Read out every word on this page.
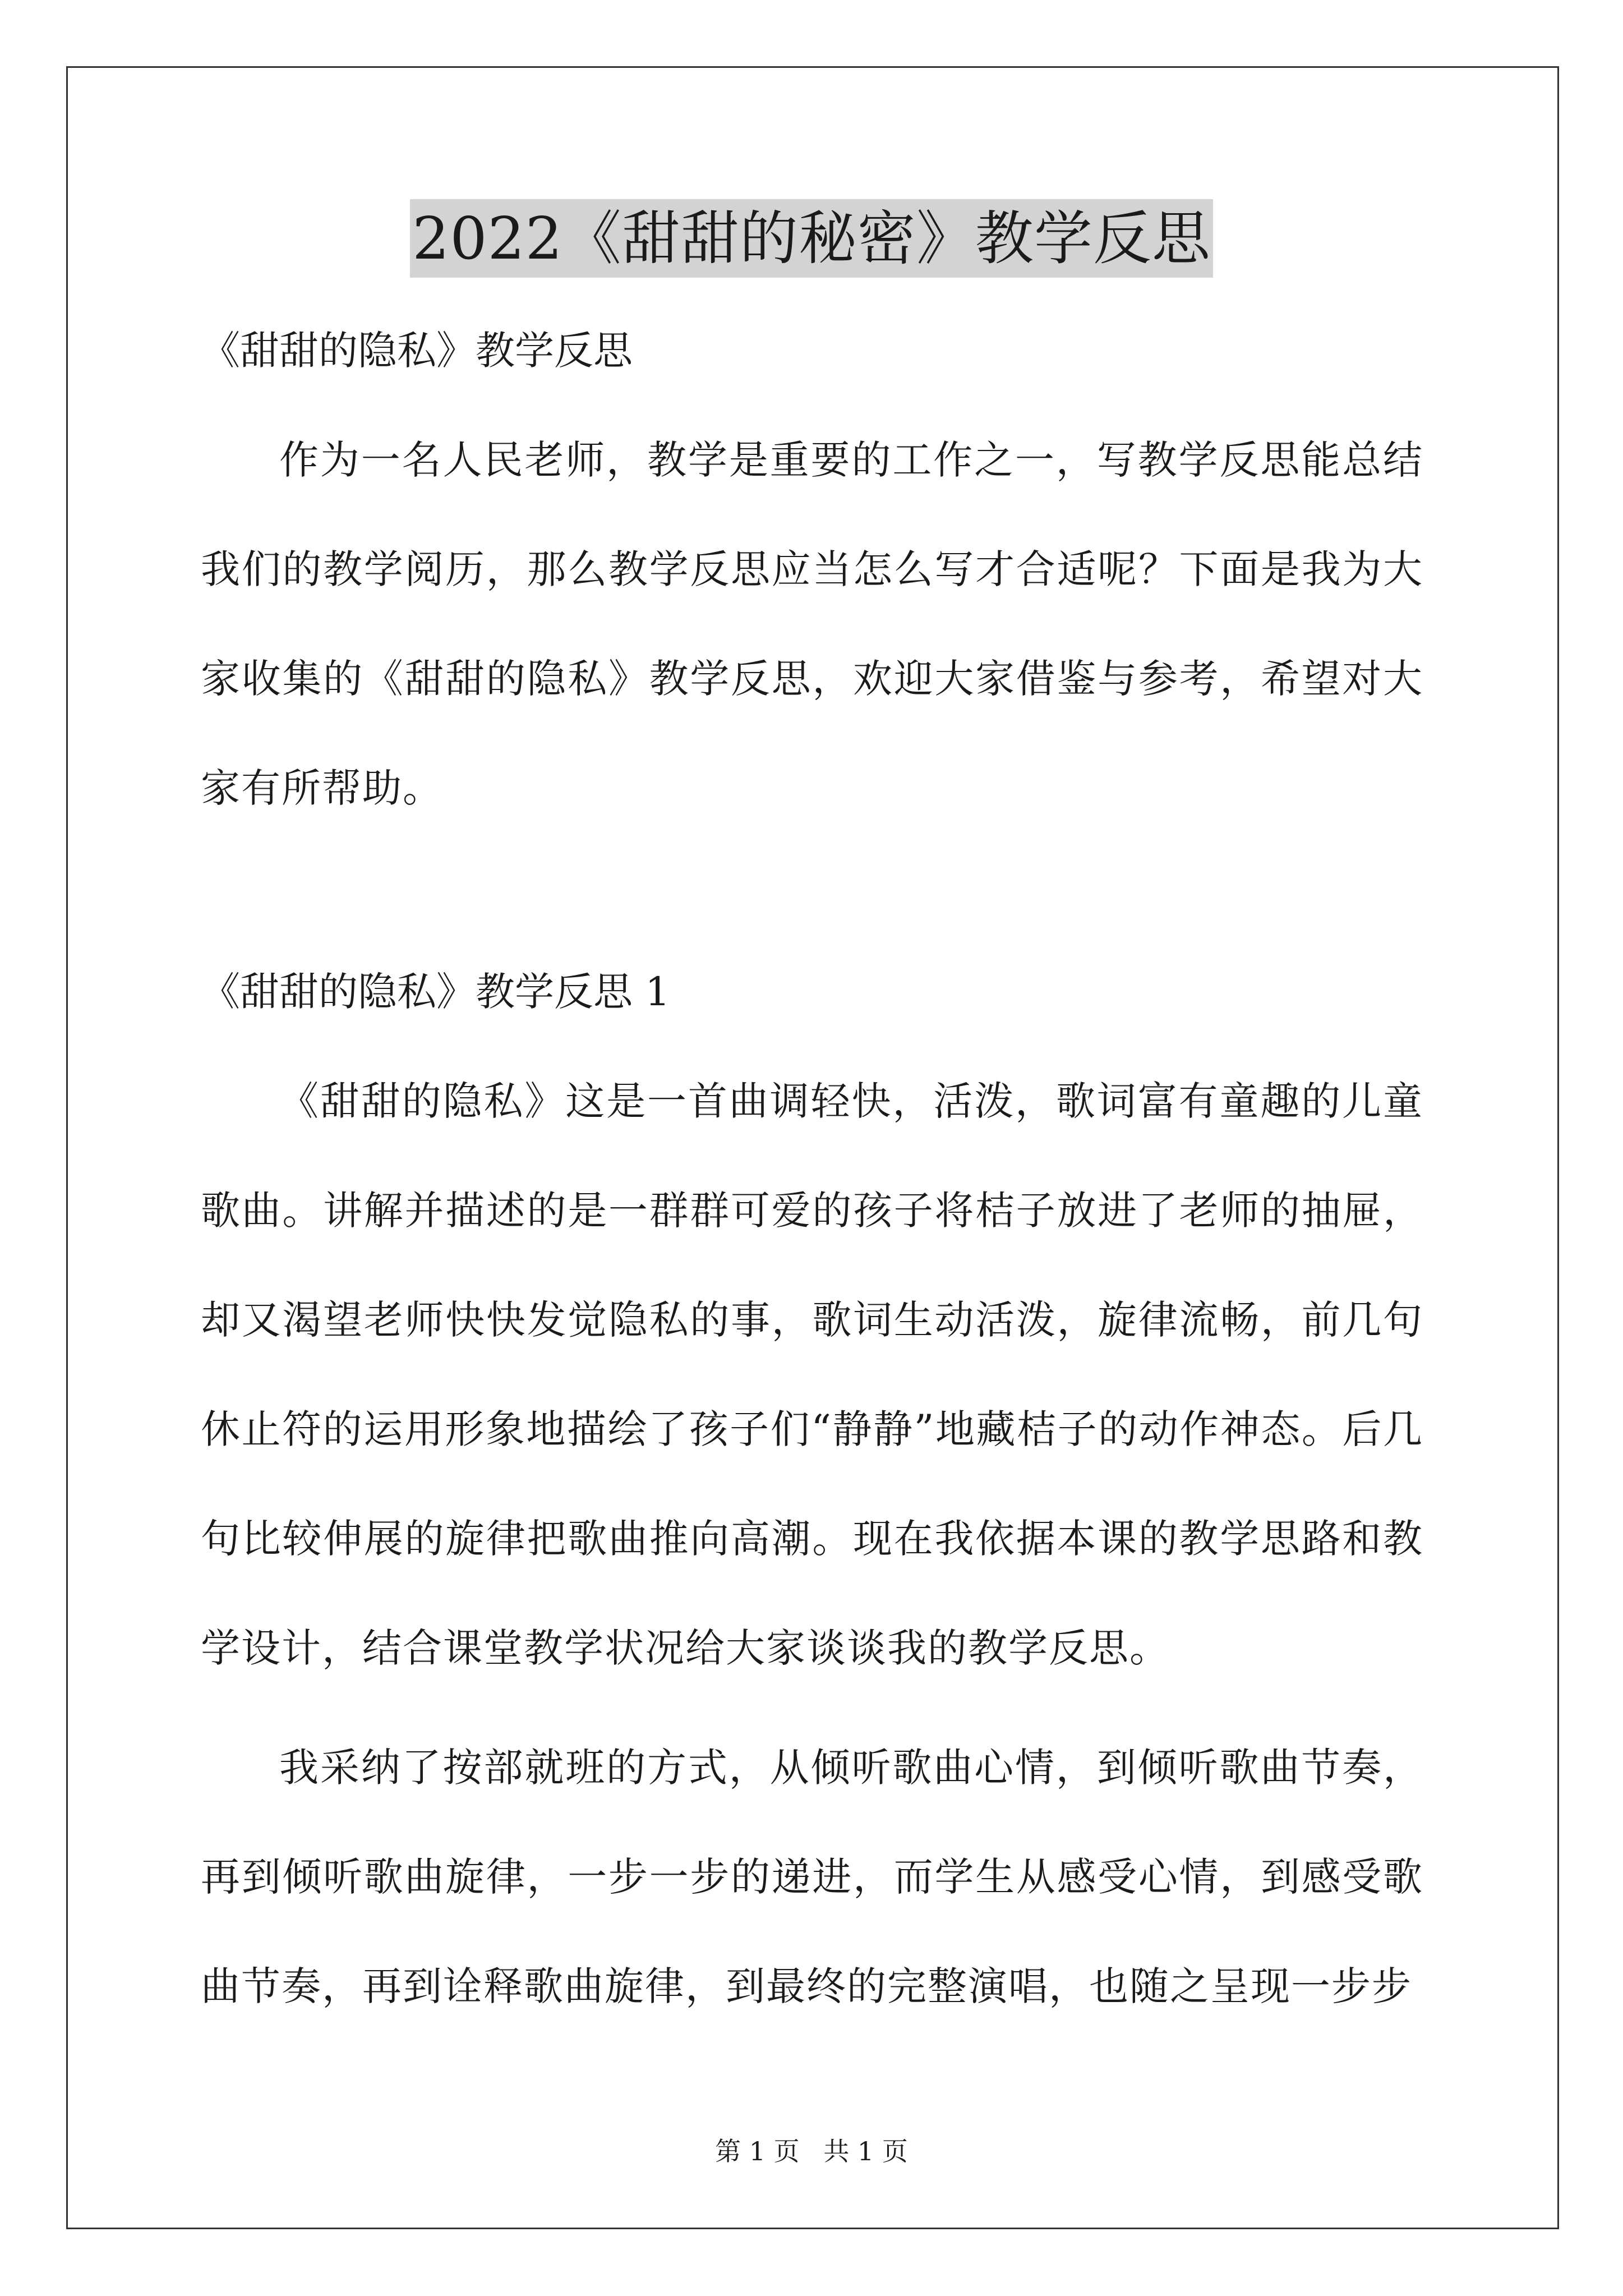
2022《甜甜的秘密》教学反思

《甜甜的隐私》教学反思

作为一名人民老师，教学是重要的工作之一，写教学反思能总结我们的教学阅历，那么教学反思应当怎么写才合适呢？下面是我为大家收集的《甜甜的隐私》教学反思，欢迎大家借鉴与参考，希望对大家有所帮助。

《甜甜的隐私》教学反思 1

《甜甜的隐私》这是一首曲调轻快，活泼，歌词富有童趣的儿童歌曲。讲解并描述的是一群群可爱的孩子将桔子放进了老师的抽屉，却又渴望老师快快发觉隐私的事，歌词生动活泼，旋律流畅，前几句休止符的运用形象地描绘了孩子们“静静”地藏桔子的动作神态。后几句比较伸展的旋律把歌曲推向高潮。现在我依据本课的教学思路和教学设计，结合课堂教学状况给大家谈谈我的教学反思。

我采纳了按部就班的方式，从倾听歌曲心情，到倾听歌曲节奏，再到倾听歌曲旋律，一步一步的递进，而学生从感受心情，到感受歌曲节奏，再到诠释歌曲旋律，到最终的完整演唱，也随之呈现一步步

第 1 页 共 1 页
